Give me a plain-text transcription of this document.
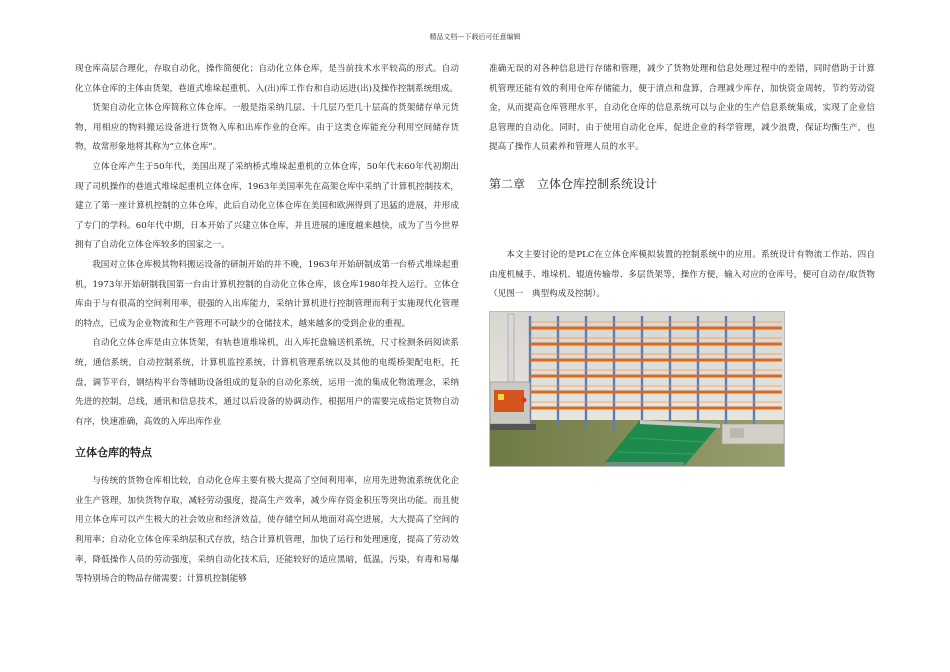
精品文档---下载后可任意编辑

现仓库高层合理化，存取自动化，操作简便化；自动化立体仓库，是当前技术水平较高的形式。自动化立体仓库的主体由货架，巷道式堆垛起重机、入(出)库工作台和自动运进(出)及操作控制系统组成。

货架自动化立体仓库简称立体仓库。一般是指采纳几层、十几层乃至几十层高的货架储存单元货物，用相应的物料搬运设备进行货物入库和出库作业的仓库。由于这类仓库能充分利用空间储存货物，故常形象地将其称为“立体仓库”。

立体仓库产生于50年代，美国出现了采纳桥式堆垛起重机的立体仓库，50年代末60年代初期出现了司机操作的巷道式堆垛起重机立体仓库，1963年美国率先在高架仓库中采纳了计算机控制技术，建立了第一座计算机控制的立体仓库，此后自动化立体仓库在美国和欧洲得到了迅猛的进展，并形成了专门的学科。60年代中期，日本开始了兴建立体仓库，并且进展的速度越来越快，成为了当今世界拥有了自动化立体仓库较多的国家之一。

我国对立体仓库极其物料搬运设备的研制开始的并不晚，1963年开始研制成第一台桥式堆垛起重机，1973年开始研制我国第一台由计算机控制的自动化立体仓库，该仓库1980年投入运行。立体仓库由于与有很高的空间利用率，很强的入出库能力，采纳计算机进行控制管理而利于实施现代化管理的特点，已成为企业物流和生产管理不可缺少的仓储技术，越来越多的受到企业的重视。

自动化立体仓库是由立体货架，有轨巷道堆垛机，出入库托盘输送机系统，尺寸检测条码阅读系统，通信系统，自动控制系统，计算机监控系统，计算机管理系统以及其他的电缆桥架配电柜，托盘，调节平台，钢结构平台等辅助设备组成的复杂的自动化系统，运用一流的集成化物流理念，采纳先进的控制，总线，通讯和信息技术，通过以后设备的协调动作，根据用户的需要完成指定货物自动有序，快速准确，高效的入库出库作业

立体仓库的特点

与传统的货物仓库相比较，自动化仓库主要有极大提高了空间利用率，应用先进物流系统优化企业生产管理，加快货物存取，减轻劳动强度，提高生产效率，减少库存资金积压等突出功能。而且使用立体仓库可以产生极大的社会效应和经济效益，使存储空间从地面对高空进展，大大提高了空间的利用率；自动化立体仓库采纳层积式存放，结合计算机管理，加快了运行和处理速度，提高了劳动效率，降低操作人员的劳动强度，采纳自动化技术后，还能较好的适应黑暗，低温，污染，有毒和易爆等特别场合的物品存储需要；计算机控制能够

准确无误的对各种信息进行存储和管理，减少了货物处理和信息处理过程中的差错，同时借助于计算机管理还能有效的利用仓库存储能力，便于清点和盘算，合理减少库存，加快资金周转，节约劳动资金，从而提高仓库管理水平，自动化仓库的信息系统可以与企业的生产信息系统集成，实现了企业信息管理的自动化。同时，由于使用自动化仓库，促进企业的科学管理，减少浪费，保证均衡生产，也提高了操作人员素养和管理人员的水平。

第二章　立体仓库控制系统设计

本文主要讨论的是PLC在立体仓库模拟装置的控制系统中的应用。系统设计有物流工作站、四自由度机械手、堆垛机、辊道传输带、多层货架等，操作方便，输入对应的仓库号，便可自动存/取货物（见图一　典型构成及控制）。
